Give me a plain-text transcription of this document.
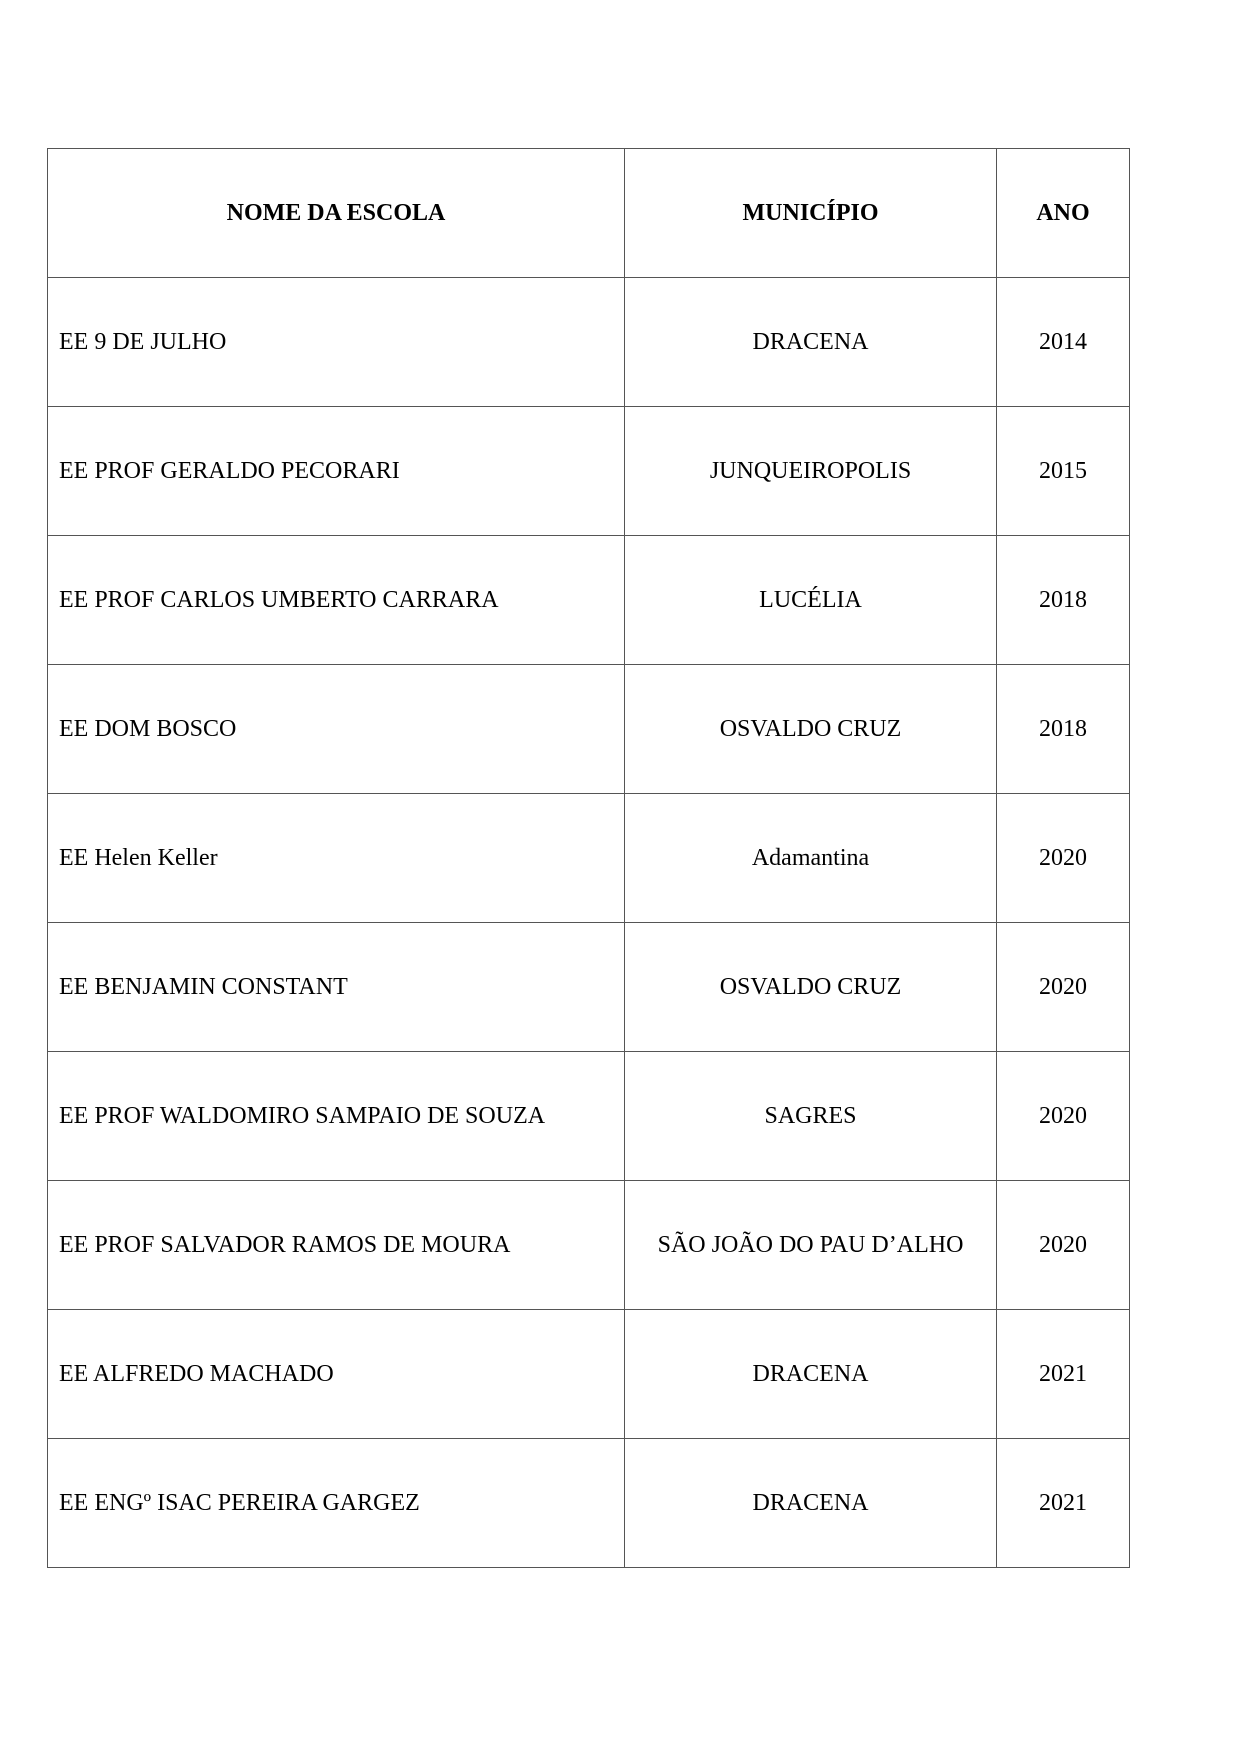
NOME DA ESCOLA	MUNICÍPIO	ANO
EE 9 DE JULHO	DRACENA	2014
EE PROF GERALDO PECORARI	JUNQUEIROPOLIS	2015
EE PROF CARLOS UMBERTO CARRARA	LUCÉLIA	2018
EE DOM BOSCO	OSVALDO CRUZ	2018
EE Helen Keller	Adamantina	2020
EE BENJAMIN CONSTANT	OSVALDO CRUZ	2020
EE PROF WALDOMIRO SAMPAIO DE SOUZA	SAGRES	2020
EE PROF SALVADOR RAMOS DE MOURA	SÃO JOÃO DO PAU D’ALHO	2020
EE ALFREDO MACHADO	DRACENA	2021
EE ENGº ISAC PEREIRA GARGEZ	DRACENA	2021
